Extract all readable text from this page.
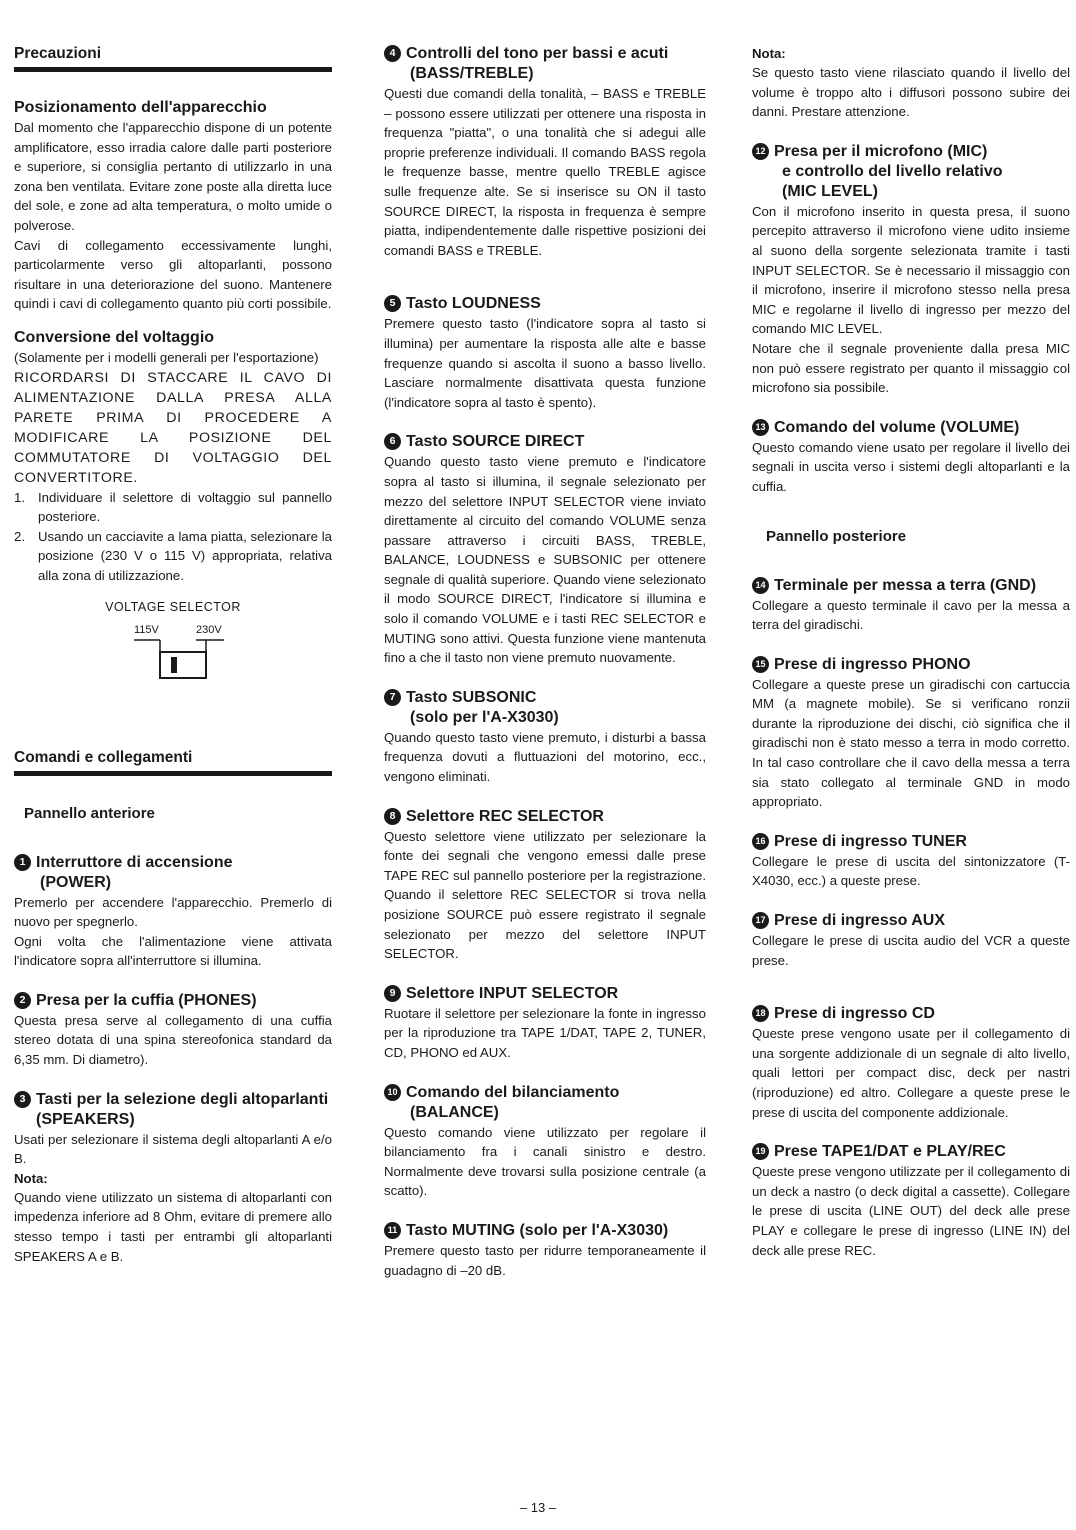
Precauzioni

Posizionamento dell'apparecchio

Dal momento che l'apparecchio dispone di un potente amplificatore, esso irradia calore dalle parti posteriore e superiore, si consiglia pertanto di utilizzarlo in una zona ben ventilata. Evitare zone poste alla diretta luce del sole, e zone ad alta temperatura, o molto umide o polverose.

Cavi di collegamento eccessivamente lunghi, particolarmente verso gli altoparlanti, possono risultare in una deteriorazione del suono. Mantenere quindi i cavi di collegamento quanto più corti possibile.

Conversione del voltaggio

(Solamente per i modelli generali per l'esportazione)

RICORDARSI DI STACCARE IL CAVO DI ALIMENTAZIONE DALLA PRESA ALLA PARETE PRIMA DI PROCEDERE A MODIFICARE LA POSIZIONE DEL COMMUTATORE DI VOLTAGGIO DEL CONVERTITORE.

1. Individuare il selettore di voltaggio sul pannello posteriore.
2. Usando un cacciavite a lama piatta, selezionare la posizione (230 V o 115 V) appropriata, relativa alla zona di utilizzazione.
VOLTAGE SELECTOR
115V	230V

Comandi e collegamenti

Pannello anteriore

1 Interruttore di accensione
(POWER)

Premerlo per accendere l'apparecchio. Premerlo di nuovo per spegnerlo.

Ogni volta che l'alimentazione viene attivata l'indicatore sopra all'interruttore si illumina.

2 Presa per la cuffia (PHONES)

Questa presa serve al collegamento di una cuffia stereo dotata di una spina stereofonica standard da 6,35 mm. Di diametro).

3 Tasti per la selezione degli altoparlanti (SPEAKERS)

Usati per selezionare il sistema degli altoparlanti A e/o B.

Nota:

Quando viene utilizzato un sistema di altoparlanti con impedenza inferiore ad 8 Ohm, evitare di premere allo stesso tempo i tasti per entrambi gli altoparlanti SPEAKERS A e B.

4 Controlli del tono per bassi e acuti
(BASS/TREBLE)

Questi due comandi della tonalità, – BASS e TREBLE – possono essere utilizzati per ottenere una risposta in frequenza "piatta", o una tonalità che si adegui alle proprie preferenze individuali. Il comando BASS regola le frequenze basse, mentre quello TREBLE agisce sulle frequenze alte. Se si inserisce su ON il tasto SOURCE DIRECT, la risposta in frequenza è sempre piatta, indipendentemente dalle rispettive posizioni dei comandi BASS e TREBLE.

5 Tasto LOUDNESS

Premere questo tasto (l'indicatore sopra al tasto si illumina) per aumentare la risposta alle alte e basse frequenze quando si ascolta il suono a basso livello. Lasciare normalmente disattivata questa funzione (l'indicatore sopra al tasto è spento).

6 Tasto SOURCE DIRECT

Quando questo tasto viene premuto e l'indicatore sopra al tasto si illumina, il segnale selezionato per mezzo del selettore INPUT SELECTOR viene inviato direttamente al circuito del comando VOLUME senza passare attraverso i circuiti BASS, TREBLE, BALANCE, LOUDNESS e SUBSONIC per ottenere segnale di qualità superiore. Quando viene selezionato il modo SOURCE DIRECT, l'indicatore si illumina e solo il comando VOLUME e i tasti REC SELECTOR e MUTING sono attivi. Questa funzione viene mantenuta fino a che il tasto non viene premuto nuovamente.

7 Tasto SUBSONIC
(solo per l'A-X3030)

Quando questo tasto viene premuto, i disturbi a bassa frequenza dovuti a fluttuazioni del motorino, ecc., vengono eliminati.

8 Selettore REC SELECTOR

Questo selettore viene utilizzato per selezionare la fonte dei segnali che vengono emessi dalle prese TAPE REC sul pannello posteriore per la registrazione. Quando il selettore REC SELECTOR si trova nella posizione SOURCE può essere registrato il segnale selezionato per mezzo del selettore INPUT SELECTOR.

9 Selettore INPUT SELECTOR

Ruotare il selettore per selezionare la fonte in ingresso per la riproduzione tra TAPE 1/DAT, TAPE 2, TUNER, CD, PHONO ed AUX.

10 Comando del bilanciamento
(BALANCE)

Questo comando viene utilizzato per regolare il bilanciamento fra i canali sinistro e destro. Normalmente deve trovarsi sulla posizione centrale (a scatto).

11 Tasto MUTING (solo per l'A-X3030)

Premere questo tasto per ridurre temporaneamente il guadagno di –20 dB.

Nota:

Se questo tasto viene rilasciato quando il livello del volume è troppo alto i diffusori possono subire dei danni. Prestare attenzione.

12 Presa per il microfono (MIC)
e controllo del livello relativo
(MIC LEVEL)

Con il microfono inserito in questa presa, il suono percepito attraverso il microfono viene udito insieme al suono della sorgente selezionata tramite i tasti INPUT SELECTOR. Se è necessario il missaggio con il microfono, inserire il microfono stesso nella presa MIC e regolarne il livello di ingresso per mezzo del comando MIC LEVEL.

Notare che il segnale proveniente dalla presa MIC non può essere registrato per quanto il missaggio col microfono sia possibile.

13 Comando del volume (VOLUME)

Questo comando viene usato per regolare il livello dei segnali in uscita verso i sistemi degli altoparlanti e la cuffia.

Pannello posteriore

14 Terminale per messa a terra (GND)

Collegare a questo terminale il cavo per la messa a terra del giradischi.

15 Prese di ingresso PHONO

Collegare a queste prese un giradischi con cartuccia MM (a magnete mobile). Se si verificano ronzii durante la riproduzione dei dischi, ciò significa che il giradischi non è stato messo a terra in modo corretto. In tal caso controllare che il cavo della messa a terra sia stato collegato al terminale GND in modo appropriato.

16 Prese di ingresso TUNER

Collegare le prese di uscita del sintonizzatore (T-X4030, ecc.) a queste prese.

17 Prese di ingresso AUX

Collegare le prese di uscita audio del VCR a queste prese.

18 Prese di ingresso CD

Queste prese vengono usate per il collegamento di una sorgente addizionale di un segnale di alto livello, quali lettori per compact disc, deck per nastri (riproduzione) ed altro. Collegare a queste prese le prese di uscita del componente addizionale.

19 Prese TAPE1/DAT e PLAY/REC

Queste prese vengono utilizzate per il collegamento di un deck a nastro (o deck digital a cassette). Collegare le prese di uscita (LINE OUT) del deck alle prese PLAY e collegare le prese di ingresso (LINE IN) del deck alle prese REC.

– 13 –
